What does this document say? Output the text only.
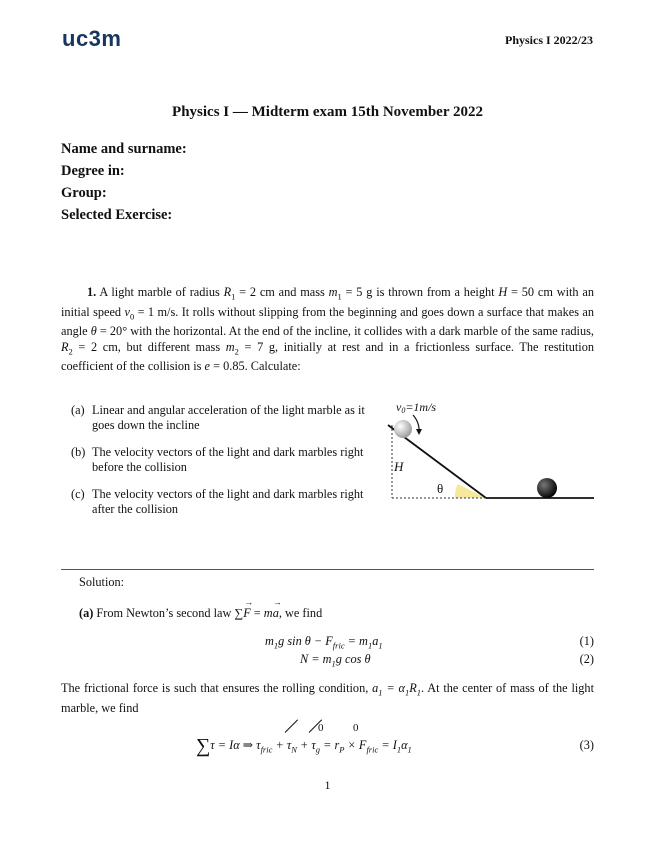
uc3m	Physics I 2022/23
Physics I — Midterm exam 15th November 2022
Name and surname:
Degree in:
Group:
Selected Exercise:
1. A light marble of radius $R_1 = 2$ cm and mass $m_1 = 5$ g is thrown from a height H = 50 cm with an initial speed $v_0 = 1$ m/s. It rolls without slipping from the beginning and goes down a surface that makes an angle θ = 20° with the horizontal. At the end of the incline, it collides with a dark marble of the same radius, $R_2 = 2$ cm, but different mass $m_2 = 7$ g, initially at rest and in a frictionless surface. The restitution coefficient of the collision is e = 0.85. Calculate:
(a) Linear and angular acceleration of the light marble as it goes down the incline
(b) The velocity vectors of the light and dark marbles right before the collision
(c) The velocity vectors of the light and dark marbles right after the collision
v0=1m/s
H
θ
Solution:
(a) From Newton’s second law ∑F
→
= ma
→
, we find
$m_1g$ $\sin \theta - F_{fric} = m_1a_1$	(1)
$N = m_1g$ cos θ	(2)
The frictional force is such that ensures the rolling condition, $a_1 = \alpha_1R_1$. At the center of mass of the light marble, we find
∑τ = Iα ⇒ $\tau_{fric} + \tau_N$
+ $\tau_g$
= $r_P \times F_{fric} = I_1\alpha_1$
0	0
(3)
1
